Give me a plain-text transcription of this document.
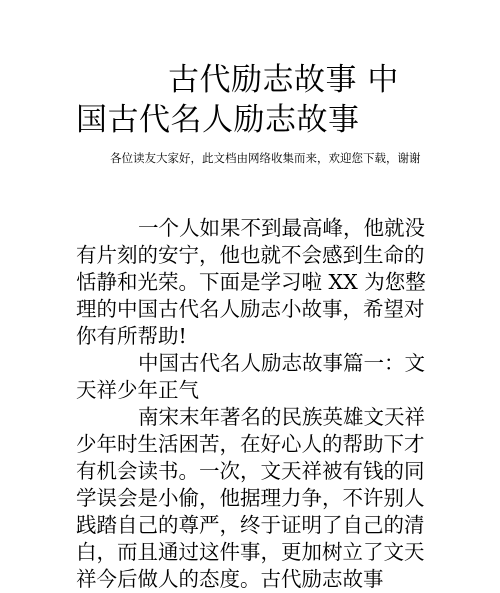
古代励志故事 中国古代名人励志故事
各位读友大家好，此文档由网络收集而来，欢迎您下载，谢谢

一个人如果不到最高峰，他就没有片刻的安宁，他也就不会感到生命的恬静和光荣。下面是学习啦 XX 为您整理的中国古代名人励志小故事，希望对你有所帮助!

中国古代名人励志故事篇一：文天祥少年正气

南宋末年著名的民族英雄文天祥少年时生活困苦，在好心人的帮助下才有机会读书。一次，文天祥被有钱的同学误会是小偷，他据理力争，不许别人践踏自己的尊严，终于证明了自己的清白，而且通过这件事，更加树立了文天祥今后做人的态度。古代励志故事
